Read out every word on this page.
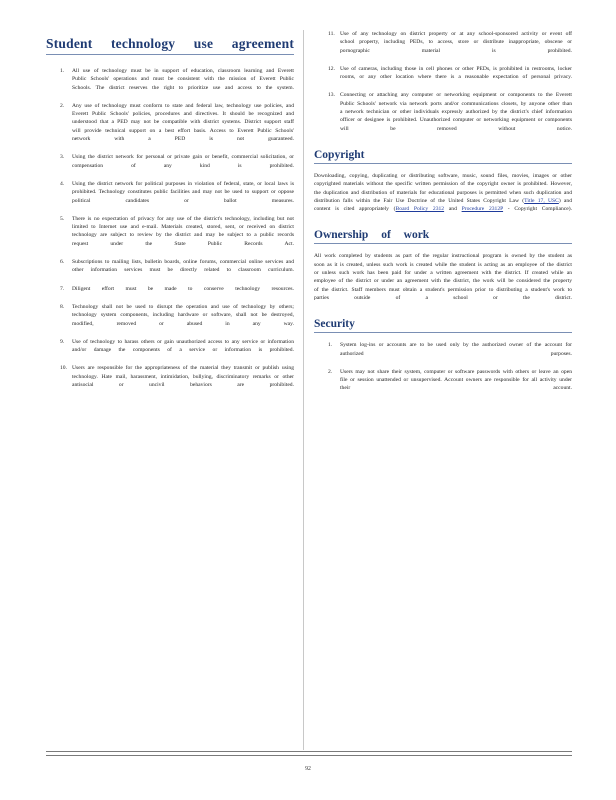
Student technology use agreement
1. All use of technology must be in support of education, classroom learning and Everett Public Schools' operations and must be consistent with the mission of Everett Public Schools. The district reserves the right to prioritize use and access to the system.
2. Any use of technology must conform to state and federal law, technology use policies, and Everett Public Schools' policies, procedures and directives. It should be recognized and understood that a PED may not be compatible with district systems. District support staff will provide technical support on a best effort basis. Access to Everett Public Schools' network with a PED is not guaranteed.
3. Using the district network for personal or private gain or benefit, commercial solicitation, or compensation of any kind is prohibited.
4. Using the district network for political purposes in violation of federal, state, or local laws is prohibited. Technology constitutes public facilities and may not be used to support or oppose political candidates or ballot measures.
5. There is no expectation of privacy for any use of the district's technology, including but not limited to Internet use and e-mail. Materials created, stored, sent, or received on district technology are subject to review by the district and may be subject to a public records request under the State Public Records Act.
6. Subscriptions to mailing lists, bulletin boards, online forums, commercial online services and other information services must be directly related to classroom curriculum.
7. Diligent effort must be made to conserve technology resources.
8. Technology shall not be used to disrupt the operation and use of technology by others; technology system components, including hardware or software, shall not be destroyed, modified, removed or abused in any way.
9. Use of technology to harass others or gain unauthorized access to any service or information and/or damage the components of a service or information is prohibited.
10. Users are responsible for the appropriateness of the material they transmit or publish using technology. Hate mail, harassment, intimidation, bullying, discriminatory remarks or other antisocial or uncivil behaviors are prohibited.
11. Use of any technology on district property or at any school-sponsored activity or event off school property, including PEDs, to access, store or distribute inappropriate, obscene or pornographic material is prohibited.
12. Use of cameras, including those in cell phones or other PEDs, is prohibited in restrooms, locker rooms, or any other location where there is a reasonable expectation of personal privacy.
13. Connecting or attaching any computer or networking equipment or components to the Everett Public Schools' network via network ports and/or communications closets, by anyone other than a network technician or other individuals expressly authorized by the district's chief information officer or designee is prohibited. Unauthorized computer or networking equipment or components will be removed without notice.
Copyright

Downloading, copying, duplicating or distributing software, music, sound files, movies, images or other copyrighted materials without the specific written permission of the copyright owner is prohibited. However, the duplication and distribution of materials for educational purposes is permitted when such duplication and distribution falls within the Fair Use Doctrine of the United States Copyright Law (Title 17, USC) and content is cited appropriately (Board Policy 2312 and Procedure 2312P - Copyright Compliance).

Ownership of work

All work completed by students as part of the regular instructional program is owned by the student as soon as it is created, unless such work is created while the student is acting as an employee of the district or unless such work has been paid for under a written agreement with the district. If created while an employee of the district or under an agreement with the district, the work will be considered the property of the district. Staff members must obtain a student's permission prior to distributing a student's work to parties outside of a school or the district.

Security
1. System log-ins or accounts are to be used only by the authorized owner of the account for authorized purposes.
2. Users may not share their system, computer or software passwords with others or leave an open file or session unattended or unsupervised. Account owners are responsible for all activity under their account.
92
